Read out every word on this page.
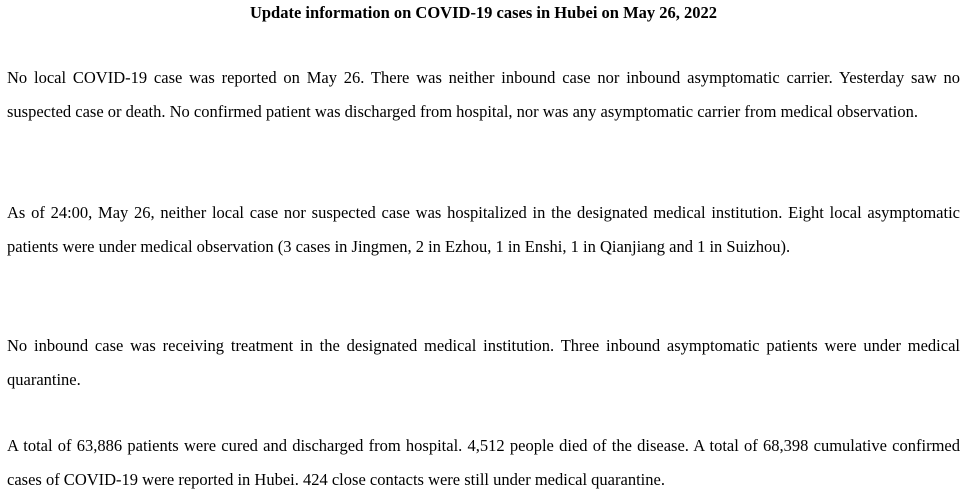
Update information on COVID-19 cases in Hubei on May 26, 2022

No local COVID-19 case was reported on May 26. There was neither inbound case nor inbound asymptomatic carrier. Yesterday saw no suspected case or death. No confirmed patient was discharged from hospital, nor was any asymptomatic carrier from medical observation.

As of 24:00, May 26, neither local case nor suspected case was hospitalized in the designated medical institution. Eight local asymptomatic patients were under medical observation (3 cases in Jingmen, 2 in Ezhou, 1 in Enshi, 1 in Qianjiang and 1 in Suizhou).

No inbound case was receiving treatment in the designated medical institution. Three inbound asymptomatic patients were under medical quarantine.

A total of 63,886 patients were cured and discharged from hospital. 4,512 people died of the disease. A total of 68,398 cumulative confirmed cases of COVID-19 were reported in Hubei. 424 close contacts were still under medical quarantine.
